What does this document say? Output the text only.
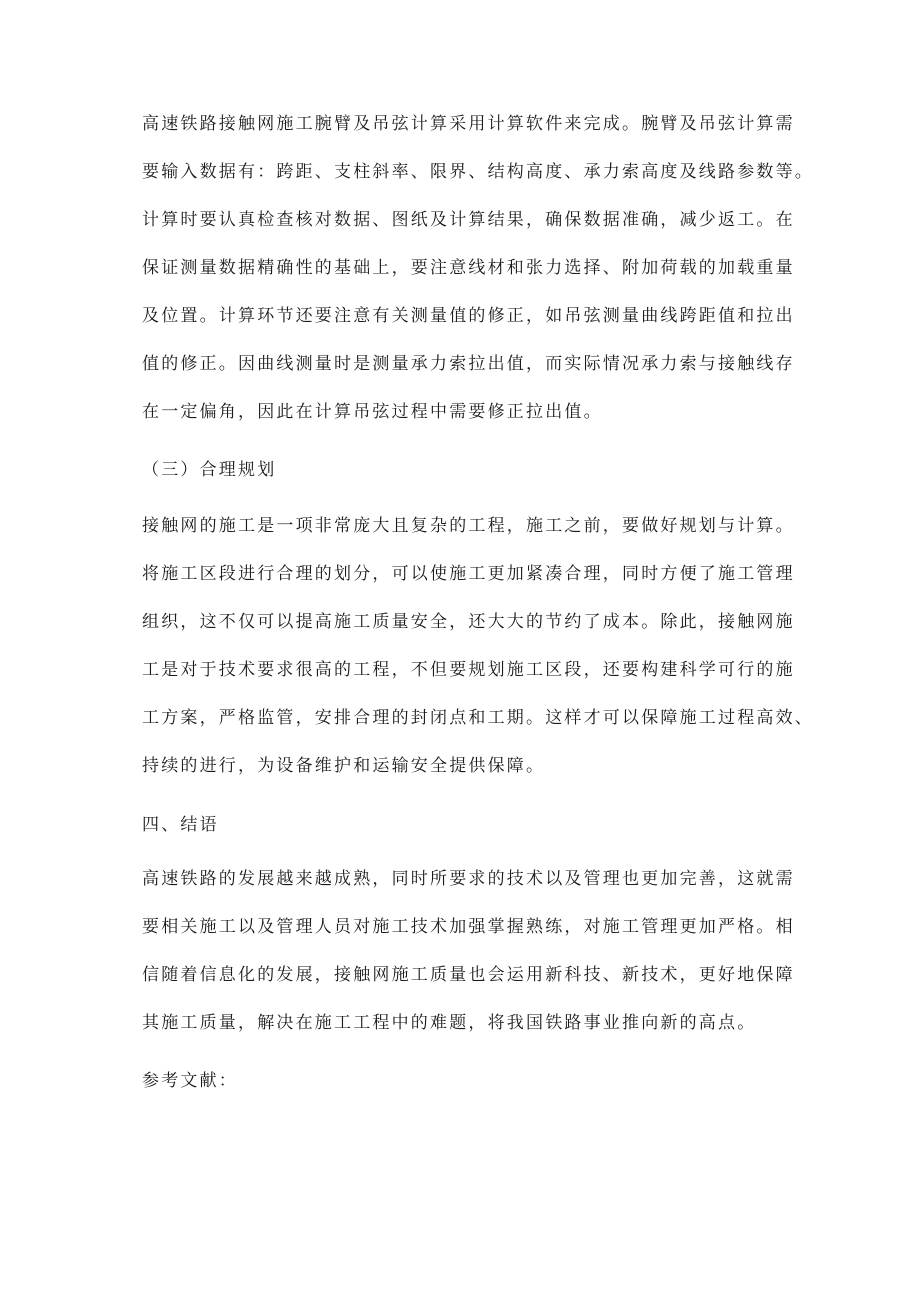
高速铁路接触网施工腕臂及吊弦计算采用计算软件来完成。腕臂及吊弦计算需
要输入数据有：跨距、支柱斜率、限界、结构高度、承力索高度及线路参数等。
计算时要认真检查核对数据、图纸及计算结果，确保数据准确，减少返工。在
保证测量数据精确性的基础上，要注意线材和张力选择、附加荷载的加载重量
及位置。计算环节还要注意有关测量值的修正，如吊弦测量曲线跨距值和拉出
值的修正。因曲线测量时是测量承力索拉出值，而实际情况承力索与接触线存
在一定偏角，因此在计算吊弦过程中需要修正拉出值。
（三）合理规划
接触网的施工是一项非常庞大且复杂的工程，施工之前，要做好规划与计算。
将施工区段进行合理的划分，可以使施工更加紧凑合理，同时方便了施工管理
组织，这不仅可以提高施工质量安全，还大大的节约了成本。除此，接触网施
工是对于技术要求很高的工程，不但要规划施工区段，还要构建科学可行的施
工方案，严格监管，安排合理的封闭点和工期。这样才可以保障施工过程高效、
持续的进行，为设备维护和运输安全提供保障。
四、结语
高速铁路的发展越来越成熟，同时所要求的技术以及管理也更加完善，这就需
要相关施工以及管理人员对施工技术加强掌握熟练，对施工管理更加严格。相
信随着信息化的发展，接触网施工质量也会运用新科技、新技术，更好地保障
其施工质量，解决在施工工程中的难题，将我国铁路事业推向新的高点。
参考文献：
